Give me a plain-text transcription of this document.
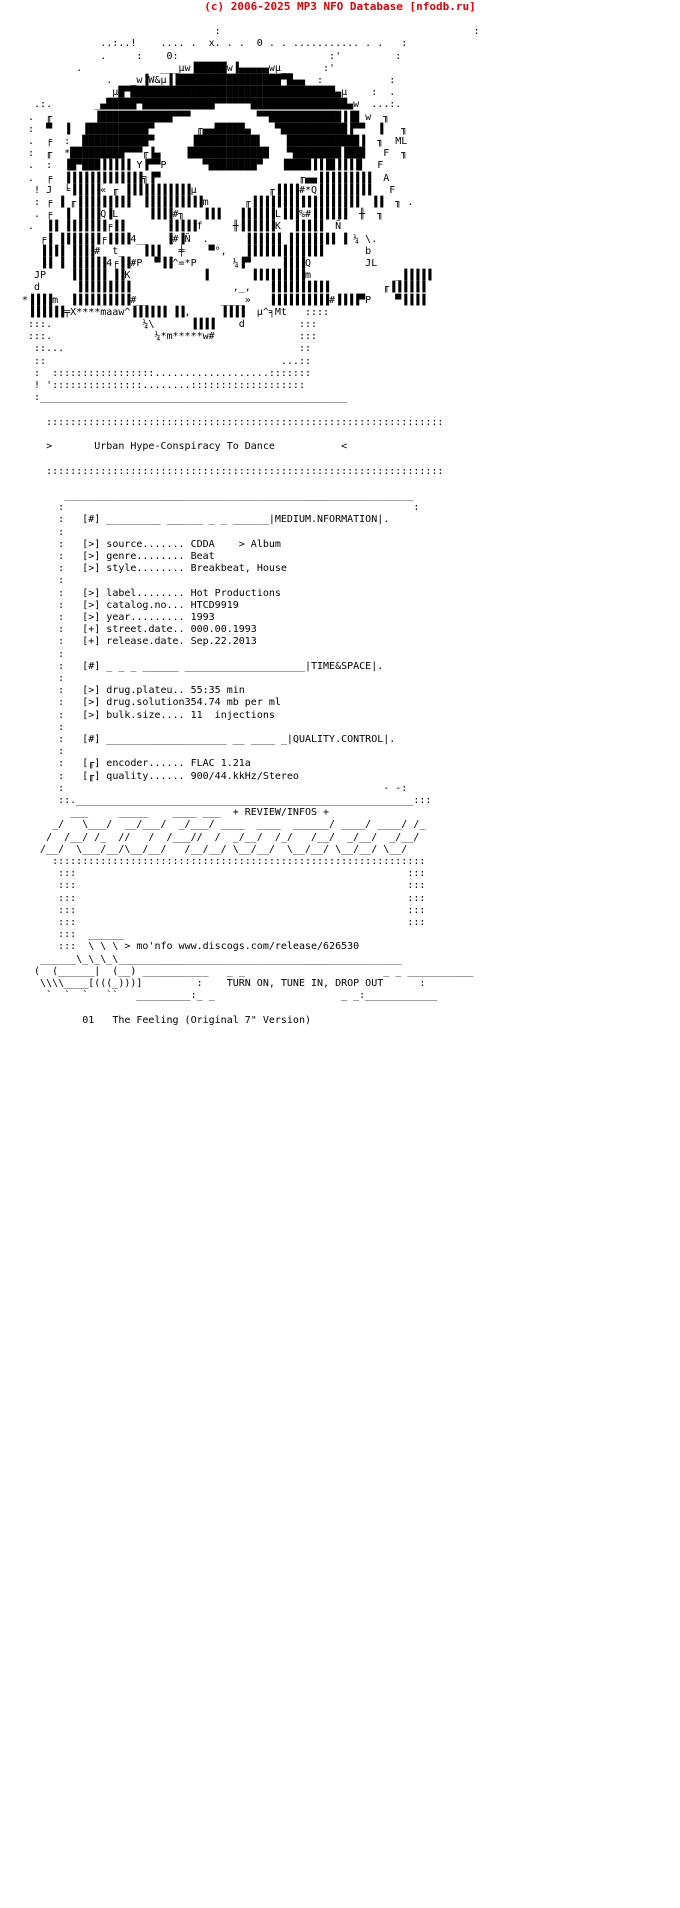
(c) 2006-2025 MP3 NFO Database [nfodb.ru]

:                                          :
..:..!    .... .  x. . .  0 . . ........... . .   :
.     :    0:                         :'         :
.             ___µw▐█████w▐▄▄▄▄▄wµ__     :'
.   _w▐W&µ▐▐█████████████████▀█▄▄  :           :
µ█▀██████████████████████████████████▄µ    :  .
.:.       _▄█████▀████████████▀▀▀▀▀▀████████████████▄w  ...:.
.  ╓       ▐████████████▀▀▀           ▀▀████████████▐▐█ w  ╖
:  ▀  ▐  ▐██████████▀       ╓▄▄█████▄    ▀███████████▐▀▀  ▐   ╖
.  ╒  :  ███████████▀      ▐██████████▌    ████████████▐  ╖  ML
:  ╓  *█████████▀▀▀╓▐▄    ▐█████████████   ▀████████▐███   F  ╖
.  :  ▐█▀███▐▐▐▐▐ Y▐▀▀P      ▀████████▀   ▐████▐▐▐█▐▐▐▐▌  F
.  ╒  ▐▐▐▐▐▐▐▐▐▐▐▐▐╗▐▀                       ╓▄▄▐▐▐▐▐▐▐▐▐  A
! J  ╘▐▐▐▐▐« ╓ ▐▐▐▐▐▐▐▐▐▐▐µ            ╓▐▐▐▐#*Q▐▐▐▐▐▐▐▐▐   F
: ╒ ▐ ╓▐▐▐▐▐▐▐▐▐  ▐▐▐▐▐▐▐▐▐▐m      ╓▐▐▐▐▐▐▐▐▐▐▐▐▐▐▐▐▐▐  ▐▐  ╖ .
. ╒  ▐ ▐▐▐▐Q▐L     ▐▐▐▐#╖   ▐▐▐   ▐▐▐▐▐▐L▐▐▐%#▐▐▐▐▐▐  ╫  ╖
.  ▐▐ ▐▐▐▐▐▐▐╒▐▐       ▐▐▐▐▐f     ╫▐▐▐▐▐▐K  ▐▐▐▐▐  Ñ
╒▐ ▐▐▐▐▐▐▐╒▐▐▐▐4__   ▐#▐Ñ  .      ▐▐▐▐▐▐ ▐▐▐▐▐▐▐▐ ▐ ¼ \.
▐▐▐▐ ▐▐▐▐#  t_   ▐▐▐   ╪    ▀°,   ▐▐▐▐▐▐▐▐▐▐▐▐▐       b
▐▐ ▐ ▐▐▐▐▐▐4╒▐▐#P  ▀▐▐^=*P      ¼▐▀     ▐▐▐▐Q         JL
JP    ▐▐▐▐▐▐ ▐▐K            ▐       ▐▐▐▐▐▐▐▐▐m              _▐▐▐▐▐
d      ▐▐▐▐▐▐▐▐▐                 ,_,   ▐▐▐▐▐▐▐▐▐▐         ╓▐▐▐▐▐▐
*▐▐▐▐m  ▐▐▐▐▐▐▐▐▐▐#__            ____»   ▐▐▐▐▐▐▐▐▐▐#▐▐▐▐▀P    ▀▐▐▐▐
▐▐▐▐▐▐╤X****maaw^▐▐▐▐▐▐ ▐▐,     ▐▐▐▐  µ^╕Mt   ::::
:::.               ¼\      ▐▐▐▐    d         :::
:::.                 ¼*m*****w#              :::
::...                                       ::
::                                       ...::
:  :::::::::::::::::...................:::::::
! ':::::::::::::::........:::::::::::::::::::
:___________________________________________________

::::::::::::::::::::::::::::::::::::::::::::::::::::::::::::::::::

>       Urban Hype-Conspiracy To Dance	<

::::::::::::::::::::::::::::::::::::::::::::::::::::::::::::::::::

__________________________________________________________
:                                                          :
:   [#] _________ ______ _ _ ______|MEDIUM.NFORMATION|.
:
:   [>] source....... CDDA    > Album
:   [>] genre........ Beat
:   [>] style........ Breakbeat, House
:
:   [>] label........ Hot Productions
:   [>] catalog.no... HTCD9919
:   [>] year......... 1993
:   [+] street.date.. 000.00.1993
:   [+] release.date. Sep.22.2013
:
:   [#] _ _ _ ______ ____________________|TIME&SPACE|.
:
:   [>] drug.plateu.. 55:35 min
:   [>] drug.solution354.74 mb per ml
:   [>] bulk.size.... 11  injections
:
:   [#] ____________________ __ ____ _|QUALITY.CONTROL|.
:
:   [╓] encoder...... FLAC 1.21a
:   [╓] quality...... 900/44.kkHz/Stereo
:                                                     - -:
::.________________________________________________________:::
___     _____    ____ ___  + REVIEW/INFOS +
_/   \___/  __/___/  _/___/ ____  ____  ______/ ____/ ____/ /_
/  /__/ /_  //   /  /___//  /  _/__/  /_/   /__/  _/__/  _/__/
/__/  \___/__/\__/__/   /__/__/ \__/__/  \__/__/ \__/__/ \__/
::::::::::::::::::::::::::::::::::::::::::::::::::::::::::::::
:::                                                       :::
:::                                                       :::
:::                                                       :::
:::                                                       :::
:::                                                       :::
:::  ______
:::  \ \ \ > mo'nfo www.discogs.com/release/626530
______\_\_\_\_______________________________________________
(  (______|  (__) ___________   _ _                       _ _ ___________
\\\\____[(((_)))]         :    TURN ON, TUNE IN, DROP OUT	:
`  `  `   ``   _________:_ _                     _ _:____________

01   The Feeling (Original 7" Version)
